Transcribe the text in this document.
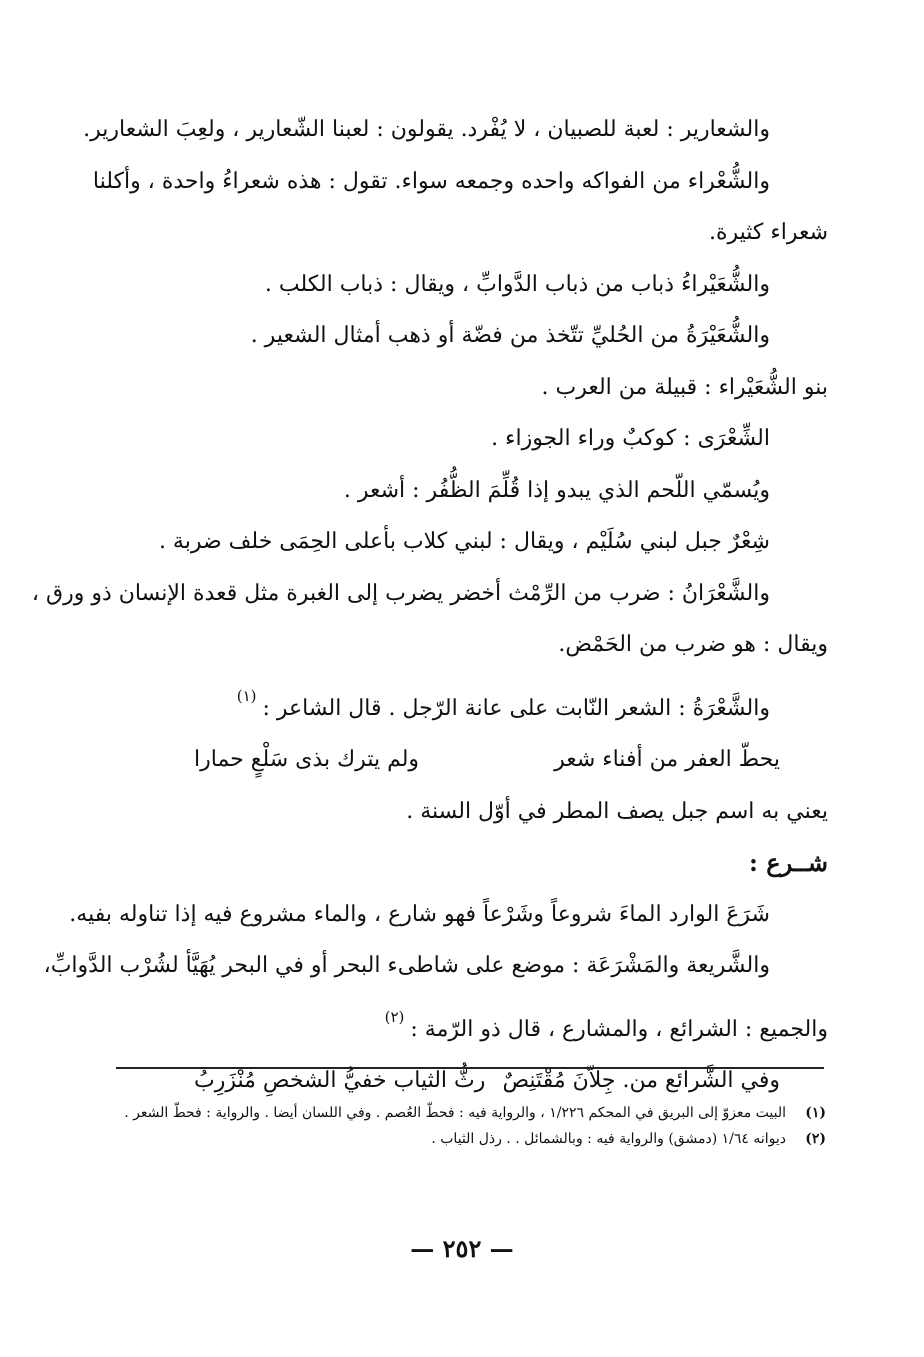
والشعارير : لعبة للصبيان ، لا يُفْرد. يقولون : لعبنا الشّعارير ، ولعِبَ الشعارير.
والشُّعْراء من الفواكه واحده وجمعه سواء. تقول : هذه شعراءُ واحدة ، وأكلنا
شعراء كثيرة.
والشُّعَيْراءُ ذباب من ذباب الدَّوابِّ ، ويقال : ذباب الكلب .
والشُّعَيْرَةُ من الحُليِّ تتّخذ من فضّة أو ذهب أمثال الشعير .
بنو الشُّعَيْراء : قبيلة من العرب .
الشِّعْرَى : كوكبٌ وراء الجوزاء .
ويُسمّي اللّحم الذي يبدو إذا قُلِّمَ الظُّفُر : أشعر .
شِعْرٌ جبل لبني سُلَيْم ، ويقال : لبني كلاب بأعلى الحِمَى خلف ضربة .
والشَّعْرَانُ : ضرب من الرِّمْث أخضر يضرب إلى الغبرة مثل قعدة الإنسان ذو ورق ،
ويقال : هو ضرب من الحَمْض.
والشَّعْرَةُ : الشعر النّابت على عانة الرّجل . قال الشاعر :$^{(١)}$
يحطّ العفر من أفناء شعر
ولم يترك بذى سَلْعٍ حمارا
يعني به اسم جبل يصف المطر في أوّل السنة .
شــرع :
شَرَعَ الوارد الماءَ شروعاً وشَرْعاً فهو شارع ، والماء مشروع فيه إذا تناوله بفيه.
والشَّريعة والمَشْرَعَة : موضع على شاطىء البحر أو في البحر يُهَيَّأ لشُرْب الدَّوابِّ،
والجميع : الشرائع ، والمشارع ، قال ذو الرّمة :$^{(٢)}$
وفي الشَّرائع من. جِلاّنَ مُقْتَنِصٌ
رثُّ الثياب خفيُّ الشخصِ مُنْزَرِبُ
(١)
البيت معزوّ إلى البريق في المحكم ١/٢٢٦ ، والرواية فيه : فحطّ العُصم . وفي اللسان أيضا . والرواية : فحطّ الشعر .
(٢)
ديوانه ١/٦٤ (دمشق) والرواية فيه : وبالشمائل . . رذل الثياب .
— ٢٥٢ —
